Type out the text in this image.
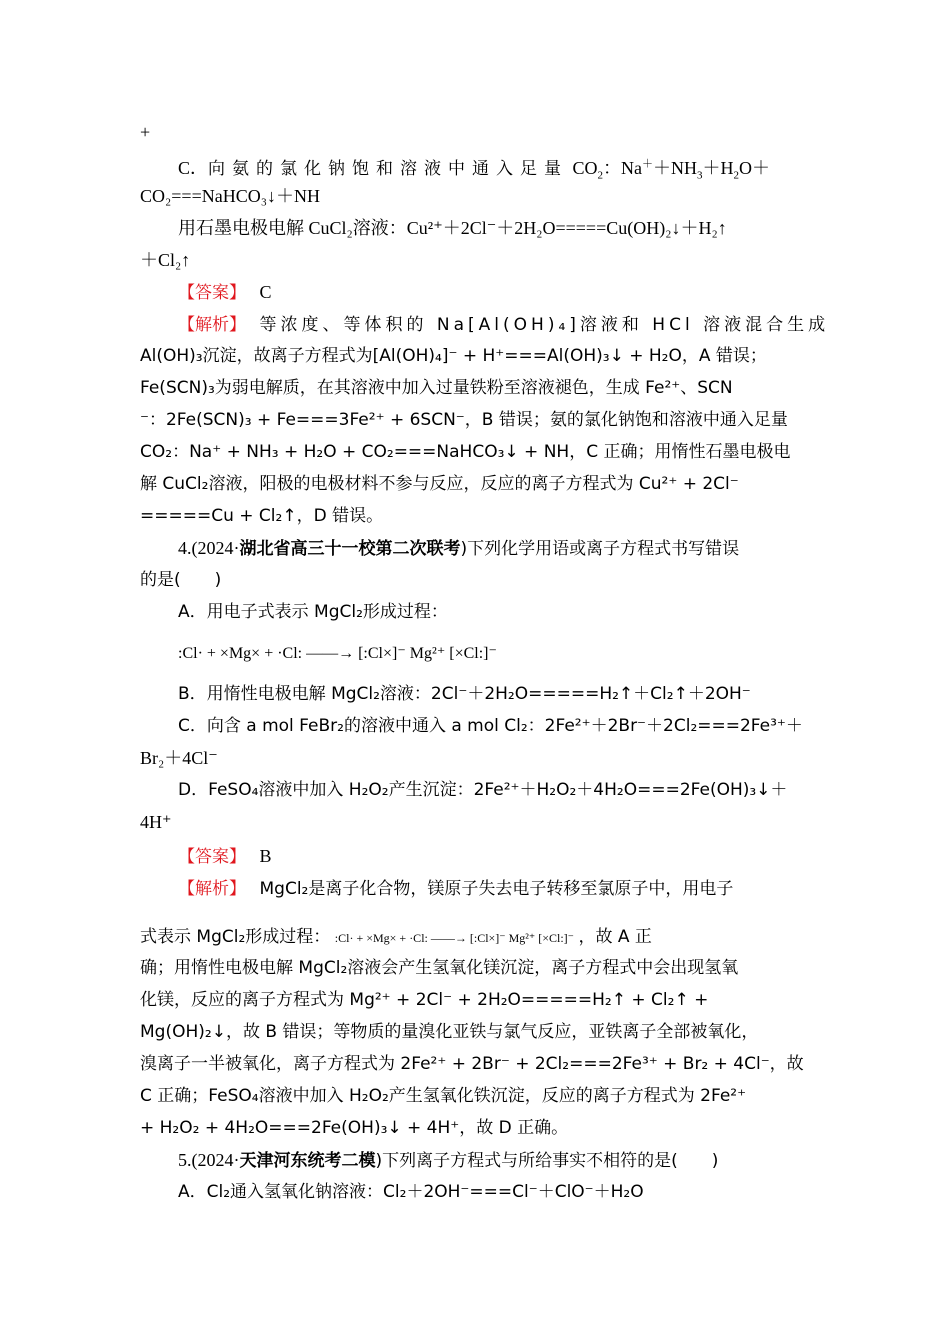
+
C．向氨的氯化钠饱和溶液中通入足量 $CO_2$：$Na^++NH_3+H_2O+$
CO₂===NaHCO₃↓＋NH
用石墨电极电解 CuCl₂溶液：Cu²⁺＋2Cl⁻＋2H₂O=====Cu(OH)₂↓＋H₂↑
＋Cl₂↑
【答案】 C
【解析】 等浓度、等体积的 Na[Al(OH)₄]溶液和 HCl 溶液混合生成
Al(OH)₃沉淀，故离子方程式为[Al(OH)₄]⁻ + H⁺===Al(OH)₃↓ + H₂O，A 错误；
Fe(SCN)₃为弱电解质，在其溶液中加入过量铁粉至溶液褪色，生成 Fe²⁺、SCN
⁻：2Fe(SCN)₃ + Fe===3Fe²⁺ + 6SCN⁻，B 错误；氨的氯化钠饱和溶液中通入足量
CO₂：Na⁺ + NH₃ + H₂O + CO₂===NaHCO₃↓ + NH，C 正确；用惰性石墨电极电
解 CuCl₂溶液，阳极的电极材料不参与反应，反应的离子方程式为 Cu²⁺ + 2Cl⁻
=====Cu + Cl₂↑，D 错误。
4.(2024·湖北省高三十一校第二次联考)下列化学用语或离子方程式书写错误
的是(　　)
A．用电子式表示 MgCl₂形成过程：
:Cl· + ×Mg× + ·Cl: ——→ [:Cl×]⁻ Mg²⁺ [×Cl:]⁻
B．用惰性电极电解 MgCl₂溶液：2Cl⁻＋2H₂O=====H₂↑＋Cl₂↑＋2OH⁻
C．向含 a mol FeBr₂的溶液中通入 a mol Cl₂：2Fe²⁺＋2Br⁻＋2Cl₂===2Fe³⁺＋
Br₂＋4Cl⁻
D．FeSO₄溶液中加入 H₂O₂产生沉淀：2Fe²⁺＋H₂O₂＋4H₂O===2Fe(OH)₃↓＋
4H⁺
【答案】 B
【解析】 MgCl₂是离子化合物，镁原子失去电子转移至氯原子中，用电子
式表示 MgCl₂形成过程： :Cl· + ×Mg× + ·Cl: ——→ [:Cl×]⁻ Mg²⁺ [×Cl:]⁻ ，故 A 正
确；用惰性电极电解 MgCl₂溶液会产生氢氧化镁沉淀，离子方程式中会出现氢氧
化镁，反应的离子方程式为 Mg²⁺ + 2Cl⁻ + 2H₂O=====H₂↑ + Cl₂↑ +
Mg(OH)₂↓，故 B 错误；等物质的量溴化亚铁与氯气反应，亚铁离子全部被氧化，
溴离子一半被氧化，离子方程式为 2Fe²⁺ + 2Br⁻ + 2Cl₂===2Fe³⁺ + Br₂ + 4Cl⁻，故
C 正确；FeSO₄溶液中加入 H₂O₂产生氢氧化铁沉淀，反应的离子方程式为 2Fe²⁺
+ H₂O₂ + 4H₂O===2Fe(OH)₃↓ + 4H⁺，故 D 正确。
5.(2024·天津河东统考二模)下列离子方程式与所给事实不相符的是(　　)
A．Cl₂通入氢氧化钠溶液：Cl₂＋2OH⁻===Cl⁻＋ClO⁻＋H₂O
